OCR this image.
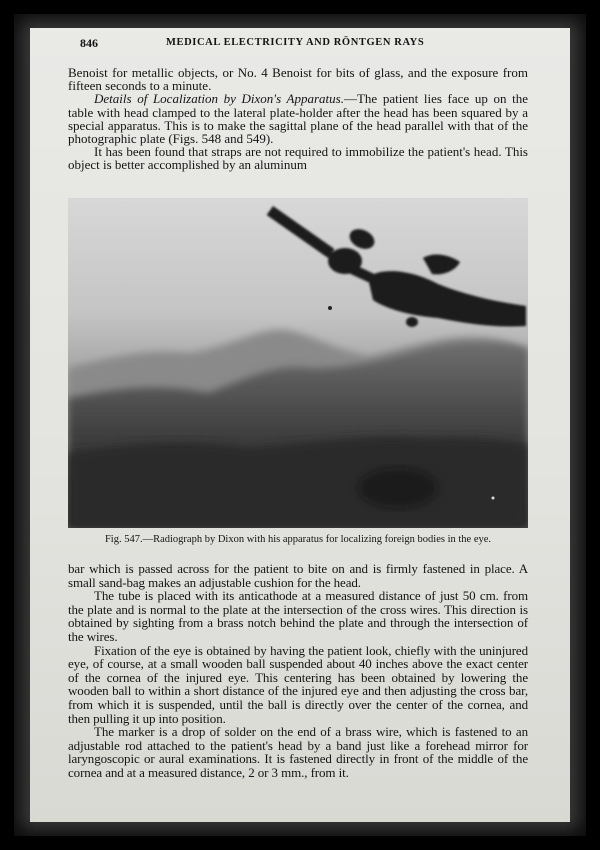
846	MEDICAL ELECTRICITY AND RÖNTGEN RAYS

Benoist for metallic objects, or No. 4 Benoist for bits of glass, and the exposure from fifteen seconds to a minute.

Details of Localization by Dixon's Apparatus.—The patient lies face up on the table with head clamped to the lateral plate-holder after the head has been squared by a special apparatus. This is to make the sagittal plane of the head parallel with that of the photographic plate (Figs. 548 and 549).

It has been found that straps are not required to immobilize the patient's head. This object is better accomplished by an aluminum

Fig. 547.—Radiograph by Dixon with his apparatus for localizing foreign bodies in the eye.

bar which is passed across for the patient to bite on and is firmly fastened in place. A small sand-bag makes an adjustable cushion for the head.

The tube is placed with its anticathode at a measured distance of just 50 cm. from the plate and is normal to the plate at the intersection of the cross wires. This direction is obtained by sighting from a brass notch behind the plate and through the intersection of the wires.

Fixation of the eye is obtained by having the patient look, chiefly with the uninjured eye, of course, at a small wooden ball suspended about 40 inches above the exact center of the cornea of the injured eye. This centering has been obtained by lowering the wooden ball to within a short distance of the injured eye and then adjusting the cross bar, from which it is suspended, until the ball is directly over the center of the cornea, and then pulling it up into position.

The marker is a drop of solder on the end of a brass wire, which is fastened to an adjustable rod attached to the patient's head by a band just like a forehead mirror for laryngoscopic or aural examinations. It is fastened directly in front of the middle of the cornea and at a measured distance, 2 or 3 mm., from it.
